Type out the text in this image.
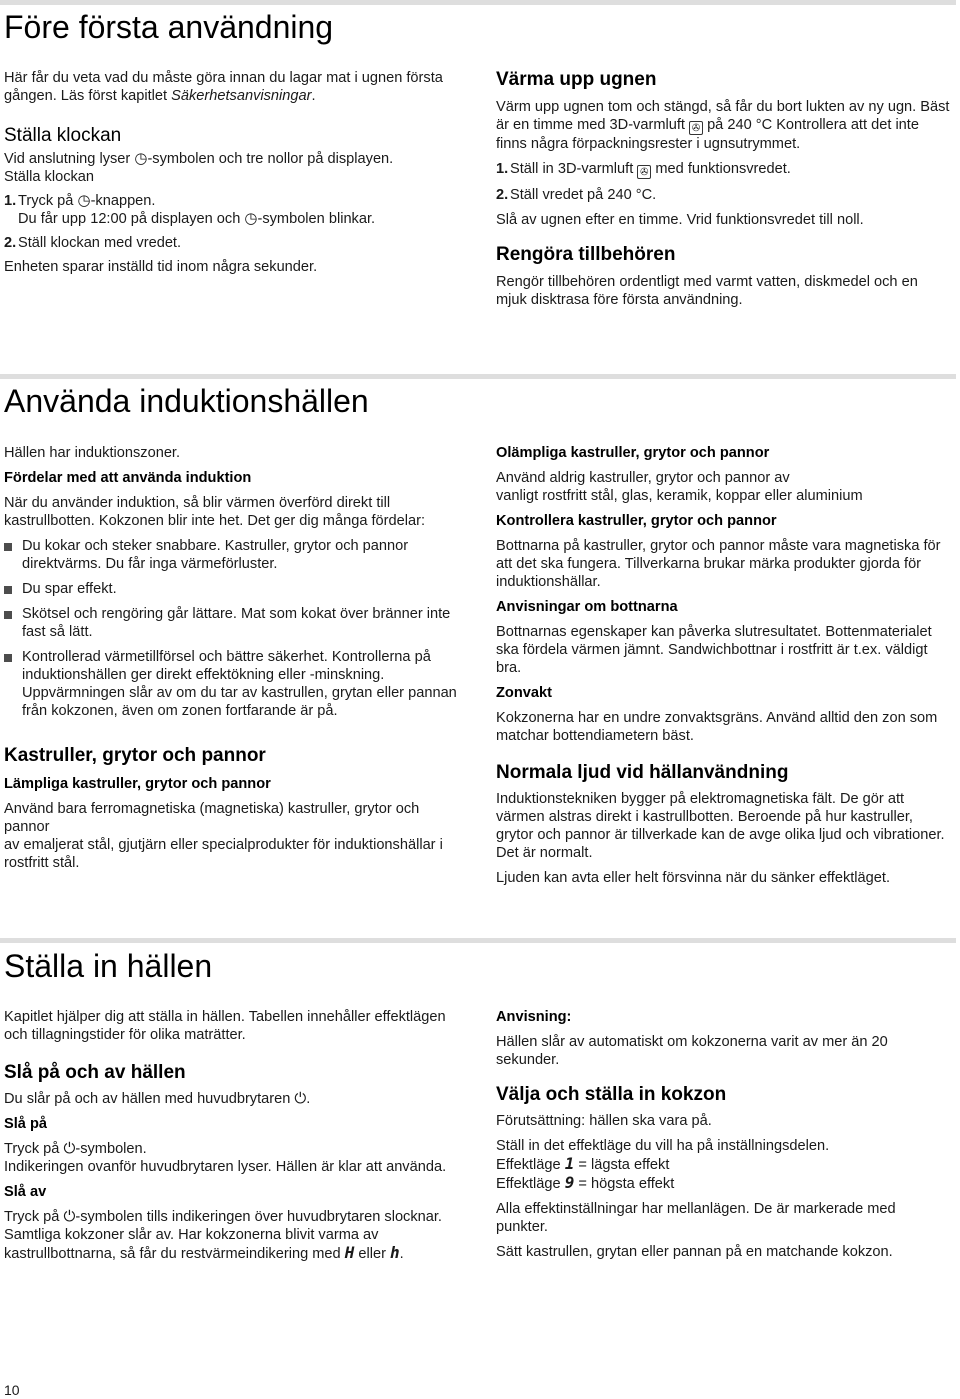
Före första användning

Här får du veta vad du måste göra innan du lagar mat i ugnen första gången. Läs först kapitlet Säkerhetsanvisningar.

Ställa klockan

Vid anslutning lyser ◷-symbolen och tre nollor på displayen.

Ställa klockan

1. Tryck på ◷-knappen.

Du får upp 12:00 på displayen och ◷-symbolen blinkar.

2. Ställ klockan med vredet.

Enheten sparar inställd tid inom några sekunder.

Värma upp ugnen

Värm upp ugnen tom och stängd, så får du bort lukten av ny ugn. Bäst är en timme med 3D-varmluft ✇ på 240 °C Kontrollera att det inte finns några förpackningsrester i ugnsutrymmet.

1. Ställ in 3D-varmluft ✇ med funktionsvredet.

2. Ställ vredet på 240 °C.

Slå av ugnen efter en timme. Vrid funktionsvredet till noll.

Rengöra tillbehören

Rengör tillbehören ordentligt med varmt vatten, diskmedel och en mjuk disktrasa före första användning.

Använda induktionshällen

Hällen har induktionszoner.

Fördelar med att använda induktion

När du använder induktion, så blir värmen överförd direkt till kastrullbotten. Kokzonen blir inte het. Det ger dig många fördelar:

Du kokar och steker snabbare. Kastruller, grytor och pannor direktvärms. Du får inga värmeförluster.

Du spar effekt.

Skötsel och rengöring går lättare. Mat som kokat över bränner inte fast så lätt.

Kontrollerad värmetillförsel och bättre säkerhet. Kontrollerna på induktionshällen ger direkt effektökning eller -minskning. Uppvärmningen slår av om du tar av kastrullen, grytan eller pannan från kokzonen, även om zonen fortfarande är på.

Kastruller, grytor och pannor
Lämpliga kastruller, grytor och pannor

Använd bara ferromagnetiska (magnetiska) kastruller, grytor och pannor

av emaljerat stål, gjutjärn eller specialprodukter för induktionshällar i rostfritt stål.

Olämpliga kastruller, grytor och pannor

Använd aldrig kastruller, grytor och pannor av

vanligt rostfritt stål, glas, keramik, koppar eller aluminium

Kontrollera kastruller, grytor och pannor

Bottnarna på kastruller, grytor och pannor måste vara magnetiska för att det ska fungera. Tillverkarna brukar märka produkter gjorda för induktionshällar.

Anvisningar om bottnarna

Bottnarnas egenskaper kan påverka slutresultatet. Bottenmaterialet ska fördela värmen jämnt. Sandwichbottnar i rostfritt är t.ex. väldigt bra.

Zonvakt

Kokzonerna har en undre zonvaktsgräns. Använd alltid den zon som matchar bottendiametern bäst.

Normala ljud vid hällanvändning

Induktionstekniken bygger på elektromagnetiska fält. De gör att värmen alstras direkt i kastrullbotten. Beroende på hur kastruller, grytor och pannor är tillverkade kan de avge olika ljud och vibrationer. Det är normalt.

Ljuden kan avta eller helt försvinna när du sänker effektläget.

Ställa in hällen

Kapitlet hjälper dig att ställa in hällen. Tabellen innehåller effektlägen och tillagningstider för olika maträtter.

Slå på och av hällen

Du slår på och av hällen med huvudbrytaren ⏻.

Slå på

Tryck på ⏻-symbolen.

Indikeringen ovanför huvudbrytaren lyser. Hällen är klar att använda.

Slå av

Tryck på ⏻-symbolen tills indikeringen över huvudbrytaren slocknar.

Samtliga kokzoner slår av. Har kokzonerna blivit varma av kastrullbottnarna, så får du restvärmeindikering med H eller h.

Anvisning:

Hällen slår av automatiskt om kokzonerna varit av mer än 20 sekunder.

Välja och ställa in kokzon

Förutsättning: hällen ska vara på.

Ställ in det effektläge du vill ha på inställningsdelen.

Effektläge 1 = lägsta effekt

Effektläge 9 = högsta effekt

Alla effektinställningar har mellanlägen. De är markerade med punkter.

Sätt kastrullen, grytan eller pannan på en matchande kokzon.

10
